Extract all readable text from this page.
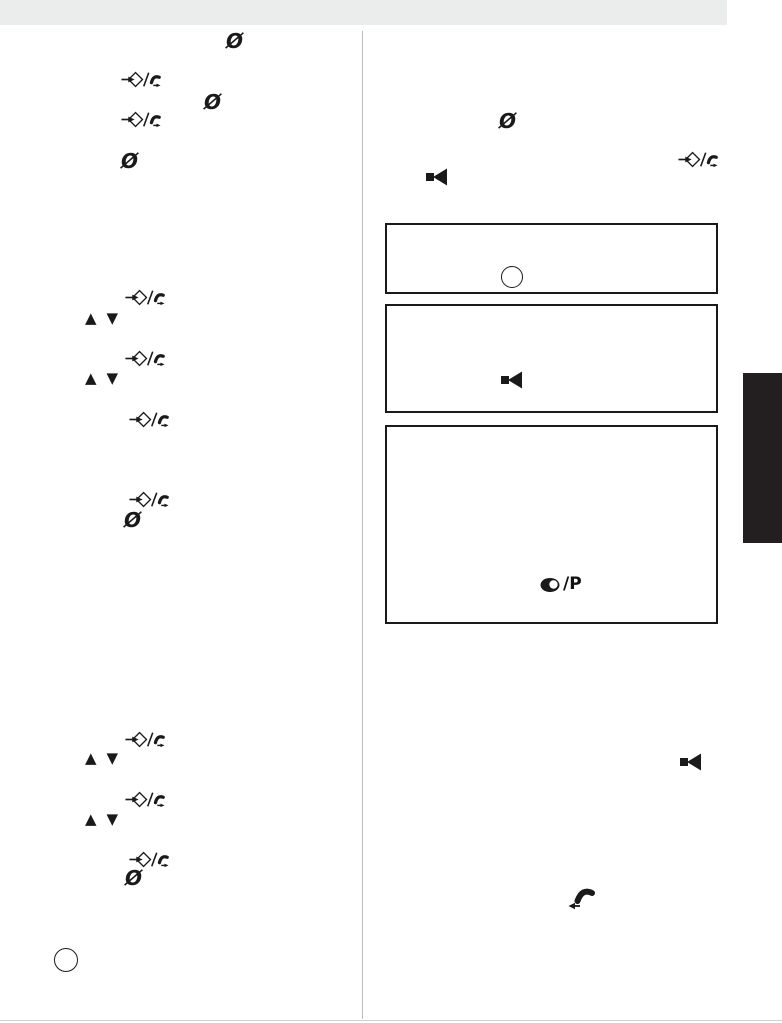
Ø
Ø
Ø
▲ ▼
▲ ▼
Ø
▲ ▼
▲ ▼
Ø
Ø
/P
